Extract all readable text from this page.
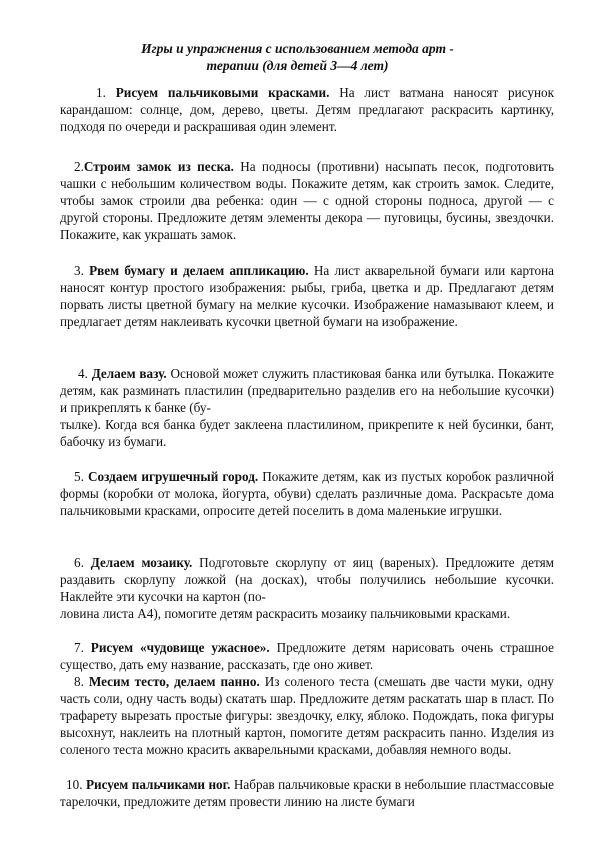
Игры и упражнения с использованием метода арт -
терапии (для детей 3—4 лет)
1. Рисуем пальчиковыми красками. На лист ватмана наносят рисунок карандашом: солнце, дом, дерево, цветы. Детям предлагают раскрасить картинку, подходя по очереди и раскрашивая один элемент.
2.Строим замок из песка. На подносы (противни) насыпать песок, подготовить чашки с небольшим количеством воды. Покажите детям, как строить замок. Следите, чтобы замок строили два ребенка: один — с одной стороны подноса, другой — с другой стороны. Предложите детям элементы декора — пуговицы, бусины, звездочки. Покажите, как украшать замок.
3. Рвем бумагу и делаем аппликацию. На лист акварельной бумаги или картона наносят контур простого изображения: рыбы, гриба, цветка и др. Предлагают детям порвать листы цветной бумагу на мелкие кусочки. Изображение намазывают клеем, и предлагает детям наклеивать кусочки цветной бумаги на изображение.
4. Делаем вазу. Основой может служить пластиковая банка или бутылка. Покажите детям, как разминать пластилин (предварительно разделив его на небольшие кусочки) и прикреплять к банке (бу-
тылке). Когда вся банка будет заклеена пластилином, прикрепите к ней бусинки, бант, бабочку из бумаги.
5. Создаем игрушечный город. Покажите детям, как из пустых коробок различной формы (коробки от молока, йогурта, обуви) сделать различные дома. Раскрасьте дома пальчиковыми красками, опросите детей поселить в дома маленькие игрушки.
6. Делаем мозаику. Подготовьте скорлупу от яиц (вареных). Предложите детям раздавить скорлупу ложкой (на досках), чтобы получились небольшие кусочки. Наклейте эти кусочки на картон (по-
ловина листа А4), помогите детям раскрасить мозаику пальчиковыми красками.
7. Рисуем «чудовище ужасное». Предложите детям нарисовать очень страшное существо, дать ему название, рассказать, где оно живет.
8. Месим тесто, делаем панно. Из соленого теста (смешать две части муки, одну часть соли, одну часть воды) скатать шар. Предложите детям раскатать шар в пласт. По трафарету вырезать простые фигуры: звездочку, елку, яблоко. Подождать, пока фигуры высохнут, наклеить на плотный картон, помогите детям раскрасить панно. Изделия из соленого теста можно красить акварельными красками, добавляя немного воды.
10. Рисуем пальчиками ног. Набрав пальчиковые краски в небольшие пластмассовые тарелочки, предложите детям провести линию на листе бумаги
